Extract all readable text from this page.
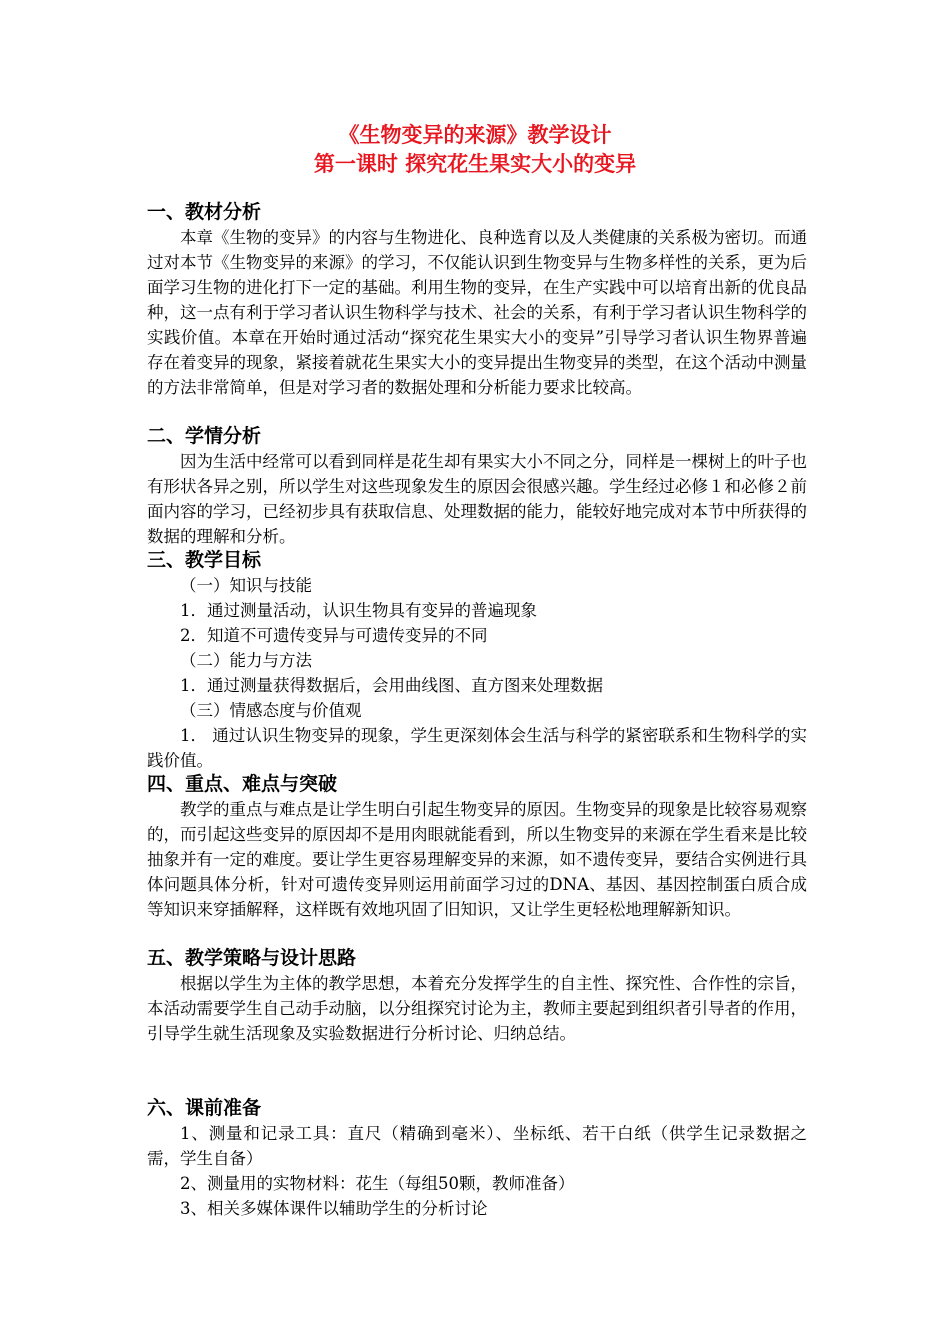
《生物变异的来源》教学设计
第一课时 探究花生果实大小的变异
一、教材分析

本章《生物的变异》的内容与生物进化、良种选育以及人类健康的关系极为密切。而通过对本节《生物变异的来源》的学习，不仅能认识到生物变异与生物多样性的关系，更为后面学习生物的进化打下一定的基础。利用生物的变异，在生产实践中可以培育出新的优良品种，这一点有利于学习者认识生物科学与技术、社会的关系，有利于学习者认识生物科学的实践价值。本章在开始时通过活动“探究花生果实大小的变异”引导学习者认识生物界普遍存在着变异的现象，紧接着就花生果实大小的变异提出生物变异的类型，在这个活动中测量的方法非常简单，但是对学习者的数据处理和分析能力要求比较高。

二、学情分析

因为生活中经常可以看到同样是花生却有果实大小不同之分，同样是一棵树上的叶子也有形状各异之别，所以学生对这些现象发生的原因会很感兴趣。学生经过必修１和必修２前面内容的学习，已经初步具有获取信息、处理数据的能力，能较好地完成对本节中所获得的数据的理解和分析。

三、教学目标
（一）知识与技能
1．通过测量活动，认识生物具有变异的普遍现象
2．知道不可遗传变异与可遗传变异的不同
（二）能力与方法
1．通过测量获得数据后，会用曲线图、直方图来处理数据
（三）情感态度与价值观

1． 通过认识生物变异的现象，学生更深刻体会生活与科学的紧密联系和生物科学的实践价值。

四、重点、难点与突破

教学的重点与难点是让学生明白引起生物变异的原因。生物变异的现象是比较容易观察的，而引起这些变异的原因却不是用肉眼就能看到，所以生物变异的来源在学生看来是比较抽象并有一定的难度。要让学生更容易理解变异的来源，如不遗传变异，要结合实例进行具体问题具体分析，针对可遗传变异则运用前面学习过的DNA、基因、基因控制蛋白质合成等知识来穿插解释，这样既有效地巩固了旧知识，又让学生更轻松地理解新知识。

五、教学策略与设计思路

根据以学生为主体的教学思想，本着充分发挥学生的自主性、探究性、合作性的宗旨，本活动需要学生自己动手动脑，以分组探究讨论为主，教师主要起到组织者引导者的作用，引导学生就生活现象及实验数据进行分析讨论、归纳总结。

六、课前准备

1、测量和记录工具：直尺（精确到毫米）、坐标纸、若干白纸（供学生记录数据之需，学生自备）

2、测量用的实物材料：花生（每组50颗，教师准备）
3、相关多媒体课件以辅助学生的分析讨论
